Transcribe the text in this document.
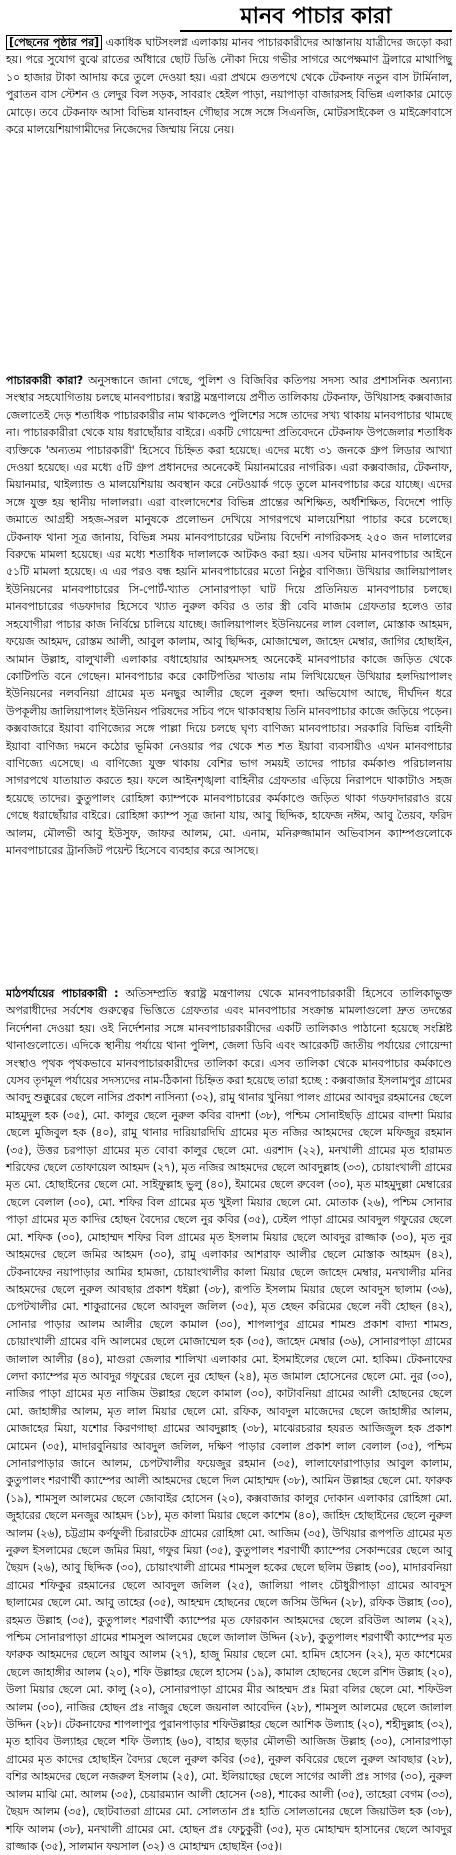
মানব পাচার কারা

[পেছনের পৃষ্ঠার পর] একাধিক ঘাটসংলগ্ন এলাকায় মানব পাচারকারীদের আস্তানায় যাত্রীদের জড়ো করা হয়। পরে সুযোগ বুঝে রাতের আঁধারে ছোট ডিঙি নৌকা দিয়ে গভীর সাগরে অপেক্ষমাণ ট্রলারে মাথাপিছু ১০ হাজার টাকা আদায় করে তুলে দেওয়া হয়। এরা প্রথমে গুতপথে থেকে টেকনাফ নতুন বাস টার্মিনাল, পুরাতন বাস স্টেশন ও লেদুর বিল সড়ক, সাবরাং হেইল পাড়া, নয়াপাড়া বাজারসহ বিভিন্ন এলাকার মোড়ে মোড়ে। তবে টেকনাফ আসা বিভিন্ন যানবাহন গৌছার সঙ্গে সঙ্গে সিএনজি, মোটরসাইকেল ও মাইক্রোবাসে করে মালয়েশিয়াগামীদের নিজেদের জিম্মায় নিয়ে নেয়।

পাচারকারী কারা? অনুসন্ধানে জানা গেছে, পুলিশ ও বিজিবির কতিপয় সদস্য আর প্রশাসনিক অন্যান্য সংস্থার সহযোগিতায় চলছে মানবপাচার। স্বরাষ্ট্র মন্ত্রণালয়ে প্রণীত তালিকায় টেকনাফ, উখিয়াসহ কক্সবাজার জেলাতেই দেড় শতাধিক পাচারকারীর নাম থাকলেও পুলিশের সঙ্গে তাদের সখ্য থাকায় মানবপাচার থামছে না। পাচারকারীরা থেকে যায় ধরাছোঁয়ার বাইরে। একটি গোয়েন্দা প্রতিবেদনে টেকনাফ উপজেলার শতাধিক ব্যক্তিকে 'অন্যতম পাচারকারী' হিসেবে চিহ্নিত করা হয়েছে। এদের মধ্যে ৩১ জনকে গ্রুপ লিডার আখ্যা দেওয়া হয়েছে। এর মধ্যে ৫টি গ্রুপ প্রধানদের অনেকেই মিয়ানমারের নাগরিক। এরা কক্সবাজার, টেকনাফ, মিয়ানমার, থাইল্যান্ড ও মালয়েশিয়ায় অবস্থান করে নেটওয়ার্ক গড়ে তুলে মানবপাচার করে যাচ্ছে। এদের সঙ্গে যুক্ত হয় স্থানীয় দালালরা। এরা বাংলাদেশের বিভিন্ন প্রান্তের অশিক্ষিত, অর্ধশিক্ষিত, বিদেশে পাড়ি জমাতে আগ্রহী সহজ-সরল মানুষকে প্রলোভন দেখিয়ে সাগরপথে মালয়েশিয়া পাচার করে চলেছে। টেকনাফ থানা সূত্র জানায়, বিভিন্ন সময় মানবপাচারের ঘটনায় বিদেশি নাগরিকসহ ২৫০ জন দালালের বিরুদ্ধে মামলা হয়েছে। এর মধ্যে শতাধিক দালালকে আটকও করা হয়। এসব ঘটনায় মানবপাচার আইনে ৫১টি মামলা হয়েছে। এ এর পরও বন্ধ হয়নি মানবপাচারের মতো নিষ্ঠুর বাণিজ্য। উখিয়ার জালিয়াপালং ইউনিয়নের মানবপাচারের সি-পোর্ট-খ্যাত সোনারপাড়া ঘাট দিয়ে প্রতিনিয়ত মানবপাচার চলছে। মানবপাচারের গডফাদার হিসেবে খ্যাত নুরুল কবির ও তার স্ত্রী বেবি মাজাম গ্রেফতার হলেও তার সহযোগীরা পাচার কাজ নির্বিঘ্নে চালিয়ে যাচ্ছে। জালিয়াপালং ইউনিয়নের লাল বেলাল, মোস্তাক আহমদ, ফয়েজ আহমদ, রোস্তম আলী, আবুল কালাম, আবু ছিদ্দিক, মোজাম্মেল, জাহেদ মেম্বার, জাগির হোছাইন, আমান উল্লাহ, বালুখালী এলাকার বধাহোয়ার আহমদসহ অনেকেই মানবপাচার কাজে জড়িত থেকে কোটিপতি বনে গেছেন। মানবপাচার করে কোটিপতির খাতায় নাম লিখিয়েছেন উখিয়ার হলদিয়াপালং ইউনিয়নের নলবনিয়া গ্রামের মৃত মনছুর আলীর ছেলে নুরুল হুদা। অভিযোগ আছে, দীর্ঘদিন ধরে উপকূলীয় জালিয়াপালং ইউনিয়ন পরিষদের সচিব পদে থাকাবস্থায় তিনি মানবপাচার কাজে জড়িয়ে পড়েন। কক্সবাজারে ইয়াবা বাণিজ্যের সঙ্গে পাল্লা দিয়ে চলছে ঘৃণ্য বাণিজ্য মানবপাচার। সরকারি বিভিন্ন বাহিনী ইয়াবা বাণিজ্য দমনে কঠোর ভূমিকা নেওয়ার পর থেকে শত শত ইয়াবা ব্যবসায়ীও এখন মানবপাচার বাণিজ্যে এসেছে। এ বাণিজ্যে যুক্ত থাকায় বেশির ভাগ সময়ই তাদের পাচার কর্মকাণ্ড পরিচালনায় সাগরপথে যাতায়াত করতে হয়। ফলে আইনশৃঙ্খলা বাহিনীর গ্রেফতার এড়িয়ে নিরাপদে থাকাটাও সহজ হয়েছে তাদের। কুতুপালং রোহিঙ্গা ক্যাম্পকে মানবপাচারের কর্মকাণ্ডে জড়িত থাকা গডফাদাররাও রয়ে গেছে ধরাছোঁয়ার বাইরে। রোহিঙ্গা ক্যাম্প সূত্র জানা যায়, আবু ছিদ্দিক, হাফেজ নঈম, আবু তৈয়ব, ফরিদ আলম, মৌলভী আবু ইউসুফ, জাফর আলম, মো. এনাম, মনিরুজ্জামান অভিবাসন ক্যাম্পগুলোকে মানবপাচারের ট্রানজিট পয়েন্ট হিসেবে ব্যবহার করে আসছে।

মাঠপর্যায়ের পাচারকারী : অতিসম্প্রতি স্বরাষ্ট্র মন্ত্রণালয় থেকে মানবপাচারকারী হিসেবে তালিকাভুক্ত অপরাধীদের সর্বশেষ গুরুত্বের ভিত্তিতে গ্রেফতার এবং মানবপাচার সংক্রান্ত মামলাগুলো দ্রুত তদন্তের নির্দেশনা দেওয়া হয়। ওই নির্দেশনার সঙ্গে মানবপাচারকারীদের একটি তালিকাও পাঠানো হয়েছে সংশ্লিষ্ট থানাগুলোতে। এদিকে স্থানীয় পর্যায়ে থানা পুলিশ, জেলা ডিবি এবং আরেকটি জাতীয় পর্যায়ের গোয়েন্দা সংস্থাও পৃথক পৃথকভাবে মানবপাচারকারীদের তালিকা করে। এসব তালিকা থেকে মানবপাচার কর্মকাণ্ডে যেসব তৃণমূল পর্যায়ের সদস্যদের নাম-ঠিকানা চিহ্নিত করা হয়েছে তারা হচ্ছে : কক্সবাজার ইসলামপুর গ্রামের আবদু শুক্কুরের ছেলে নাসির প্রকাশ নাসিন্যা (৩২), রামু থানার খুনিয়া পালং গ্রামের আবদুর রহমানের ছেলে মাহমুদুল হক (৩৫), মো. কালুর ছেলে নুরুল কবির বাদশা (৩৮), পশ্চিম সোনাইছড়ি গ্রামের বাদশা মিয়ার ছেলে মুজিবুল হক (৪০), রামু থানার দারিয়ারদিঘি গ্রামের মৃত নজির আহমদের ছেলে মফিজুর রহমান (৩৫), উত্তর চরপাড়া গ্রামের মৃত বোবা কালুর ছেলে মো. এরশাদ (২২), মনখালী গ্রামের মৃত হারামত শরিফের ছেলে তোফায়েল আহমদ (২৭), মৃত নজির আহমদের ছেলে আবদুল্লাহ (৩৩), চোয়াংখালী গ্রামের মৃত মো. হোছাইনের ছেলে মো. সাইফুল্লাহ ভুলু (৪০), ইমামের ছেলে রুবেল (৩০), মৃত মাহমুদুল্লা মেম্বারের ছেলে বেলাল (৩০), মো. শফির বিল গ্রামের মৃত খুইলা মিয়ার ছেলে মো. মোতাক (২৬), পশ্চিম সোনার পাড়া গ্রামের মৃত কাদির হোছন বৈদ্যের ছেলে নুর কবির (৩৫), ঢেইল পাড়া গ্রামের আবদুল গফুরের ছেলে মো. শফিক (৩০), মোহাম্মদ শফির বিল গ্রামের মৃত ইসলাম মিয়ার ছেলে আবদুর রাজ্জাক (৩০), মৃত নুর আহমদের ছেলে জমির আহমদ (৩০), রামু এলাকার আশরাফ আলীর ছেলে মোস্তাক আহমদ (৪২), টেকনাফের নয়াপাড়ার আমির হামজা, চোয়াংখালীর কালা মিয়ার ছেলে জাহেদ মেম্বার, মনখালীর মনির আহমদের ছেলে নুরুল আবছার প্রকাশ ধইল্লা (৩৮), রূপতি ইসলাম মিয়ার ছেলে আবদুস ছালাম (৩৬), চেপটখালীর মো. শাকুরানের ছেলে আবদুল জলিল (৩৫), মৃত হেছন করিমের ছেলে নবী হোছন (৪২), সোনার পাড়ার আলম আলীর ছেলে কামাল (৩০), শাপলাপুর গ্রামের শামশু প্রকাশ বাদ্যা শামশু, চোয়াংখালী গ্রামের বদি আলমের ছেলে মোজাম্মেল হক (৩৫), জাহেদ মেম্বার (৩৬), সোনারপাড়া গ্রামের জালাল আলীর (৪০), মাগুরা জেলার শালিখা এলাকার মো. ইসমাইলের ছেলে মো. হাকিম। টেকনাফের লেদা ক্যাম্পের মৃত আবদুর গফুরের ছেলে নুর হোছন (২৪), মৃত জামাল হোসেনের ছেলে মো. নুর (৩০), নাজির পাড়া গ্রামের মৃত নাজিম উল্লাহর ছেলে কামাল (৩০), কাটাবনিয়া গ্রামের আলী হোছনের ছেলে মো. জাহাঙ্গীর আলম, মৃত লাল মিয়ার ছেলে মো. রফিক, আবদুল মাজেদের ছেলে জাহাঙ্গীর আলম, মোজাহের মিয়া, যশোর কিরণগাছা গ্রামের আবদুল্লাহ (৩৮), মাঝেরচরার হযরত আজিজুল হক প্রকাশ মোমেন (৩৫), মাদারবুনিয়ার আবদুল জলিল, দক্ষিণ পাড়ার বেলাল প্রকাশ লাল বেলাল (৩৫), পশ্চিম সোনারপাড়ার জানে আলম, চেপটখালীর ফয়েজুর রহমান (৩৫), লালাফোরাপাড়ার আবুল কালাম, কুতুপালং শরণার্থী ক্যাম্পের আলী আহমদের ছেলে দিল মোহাম্মদ (৩৮), আমিন উল্লাহর ছেলে মো. ফারুক (১৯), শামসুল আলমের ছেলে জোবাইর হোসেন (২০), কক্সবাজার কালুর দোকান এলাকার রোহিঙ্গা মো. জুহারের ছেলে মনজুর আহমদ (১৮), মৃত কালা মিয়ার ছেলে কাশেম (৪০), জাহিদ হোছাইনের ছেলে নুরুল আলম (২৬), চট্টগ্রাম কর্ণফুলী চিরারটেক গ্রামের রোহিঙ্গা মো. আজিম (৩৫), উখিয়ার রূপপতি গ্রামের মৃত নুরুল ইসলামের ছেলে জমির মিয়া, গফুর মিয়া (৩৫), কুতুপালং শরণার্থী ক্যাম্পের সেকান্দরের ছেলে আবু ছৈয়দ (২৬), আবু ছিদ্দিক (৩০), চোয়াংখালী গ্রামের শামসুল হকের ছেলে ছলিম উল্লাহ (৩০), মাদারবনিয়া গ্রামের শফিকুর রহমানের ছেলে আবদুল জলিল (২৫), জালিয়া পালং চৌধুরীপাড়া গ্রামের আবদুস ছালামের ছেলে মো. আবু তাহের (৩৫), আহম্মদ হোছনের ছেলে জসিম উদ্দিন (২৮), রফিক উল্লাহ (৩০), রহমত উল্লাহ (৩৫), কুতুপালং শরণার্থী ক্যাম্পের মৃত ফোরকান আহমদের ছেলে রবিউল আলম (২২), পশ্চিম সোনারপাড়া গ্রামের শামসুল আলমের ছেলে জালাল উদ্দিন (২৮), কুতুপালং শরণার্থী ক্যাম্পের মৃত ফারুক আহমদের ছেলে আয়ুব আলম (২৭), হাজু মিয়ার ছেলে মো. হামিদ হোসেন (২২), মৃত কাশেমের ছেলে জাহাঙ্গীর আলম (২০), শফি উল্লাহর ছেলে হাসেম (১৯), কামাল হোছনের ছেলে রশিদ উল্লাহ (২০), উলা মিয়ার ছেলে মো. কালু (২০), সোনারপাড়া গ্রামের মীর আহম্মদ প্রঃ মিরা বলির ছেলে মো. শফিউল আলম (৩০), নাজির হোছন প্রঃ নাজুর ছেলে জয়নাল আবেদিন (২৮), শামসুল আলমের ছেলে জালাল উদ্দিন (২৮)। টেকনাফের শাপলাপুর পুরানপাড়ার শফিউল্লাহর ছেলে আশিক উল্যাহ (২০), শহীদুল্লাহ (৩২), মৃত হাবিব উল্যাহর ছেলে শফি উল্যাহ (৬০), বাহার ছড়ার মৌলভী আজিজ উল্লাহ (৩০), সোনারপাড়া গ্রামের মৃত কাদের হোছাইন বৈদ্যর ছেলে নুরুল কবির (৩৫), নুরুল কবিরের ছেলে নুরুল আবছার (২৮), বশির আহমদের ছেলে নজরুল ইসলাম (২৫), মো. ইলিয়াছের ছেলে সাগের আলী প্রঃ সাগর (৩০), নুরুল আলম মাঝি মো. আলম (৩৫), চেয়ারম্যান আলী হোসেন (৩৪), শাকের আলী (৩৫), তাহেরা বেগম (৩৩), ছৈয়দ আলম (৩৫), ছোটবাতরা গ্রামের মো. সোলতান প্রঃ হাতি সোলতানের ছেলে জিয়াউল হক (৩৮), শফি আলম (৩৮), মনখালী গ্রামের মো. হোছন প্রঃ ফেচুকুরী (৩৫), মৃত মোহাম্মদ হাসানের ছেলে আবদুর রাজ্জাক (৩৫), সালমান ফয়সাল (৩২) ও মোহাম্মদ হোছাইন (৩৫)।
